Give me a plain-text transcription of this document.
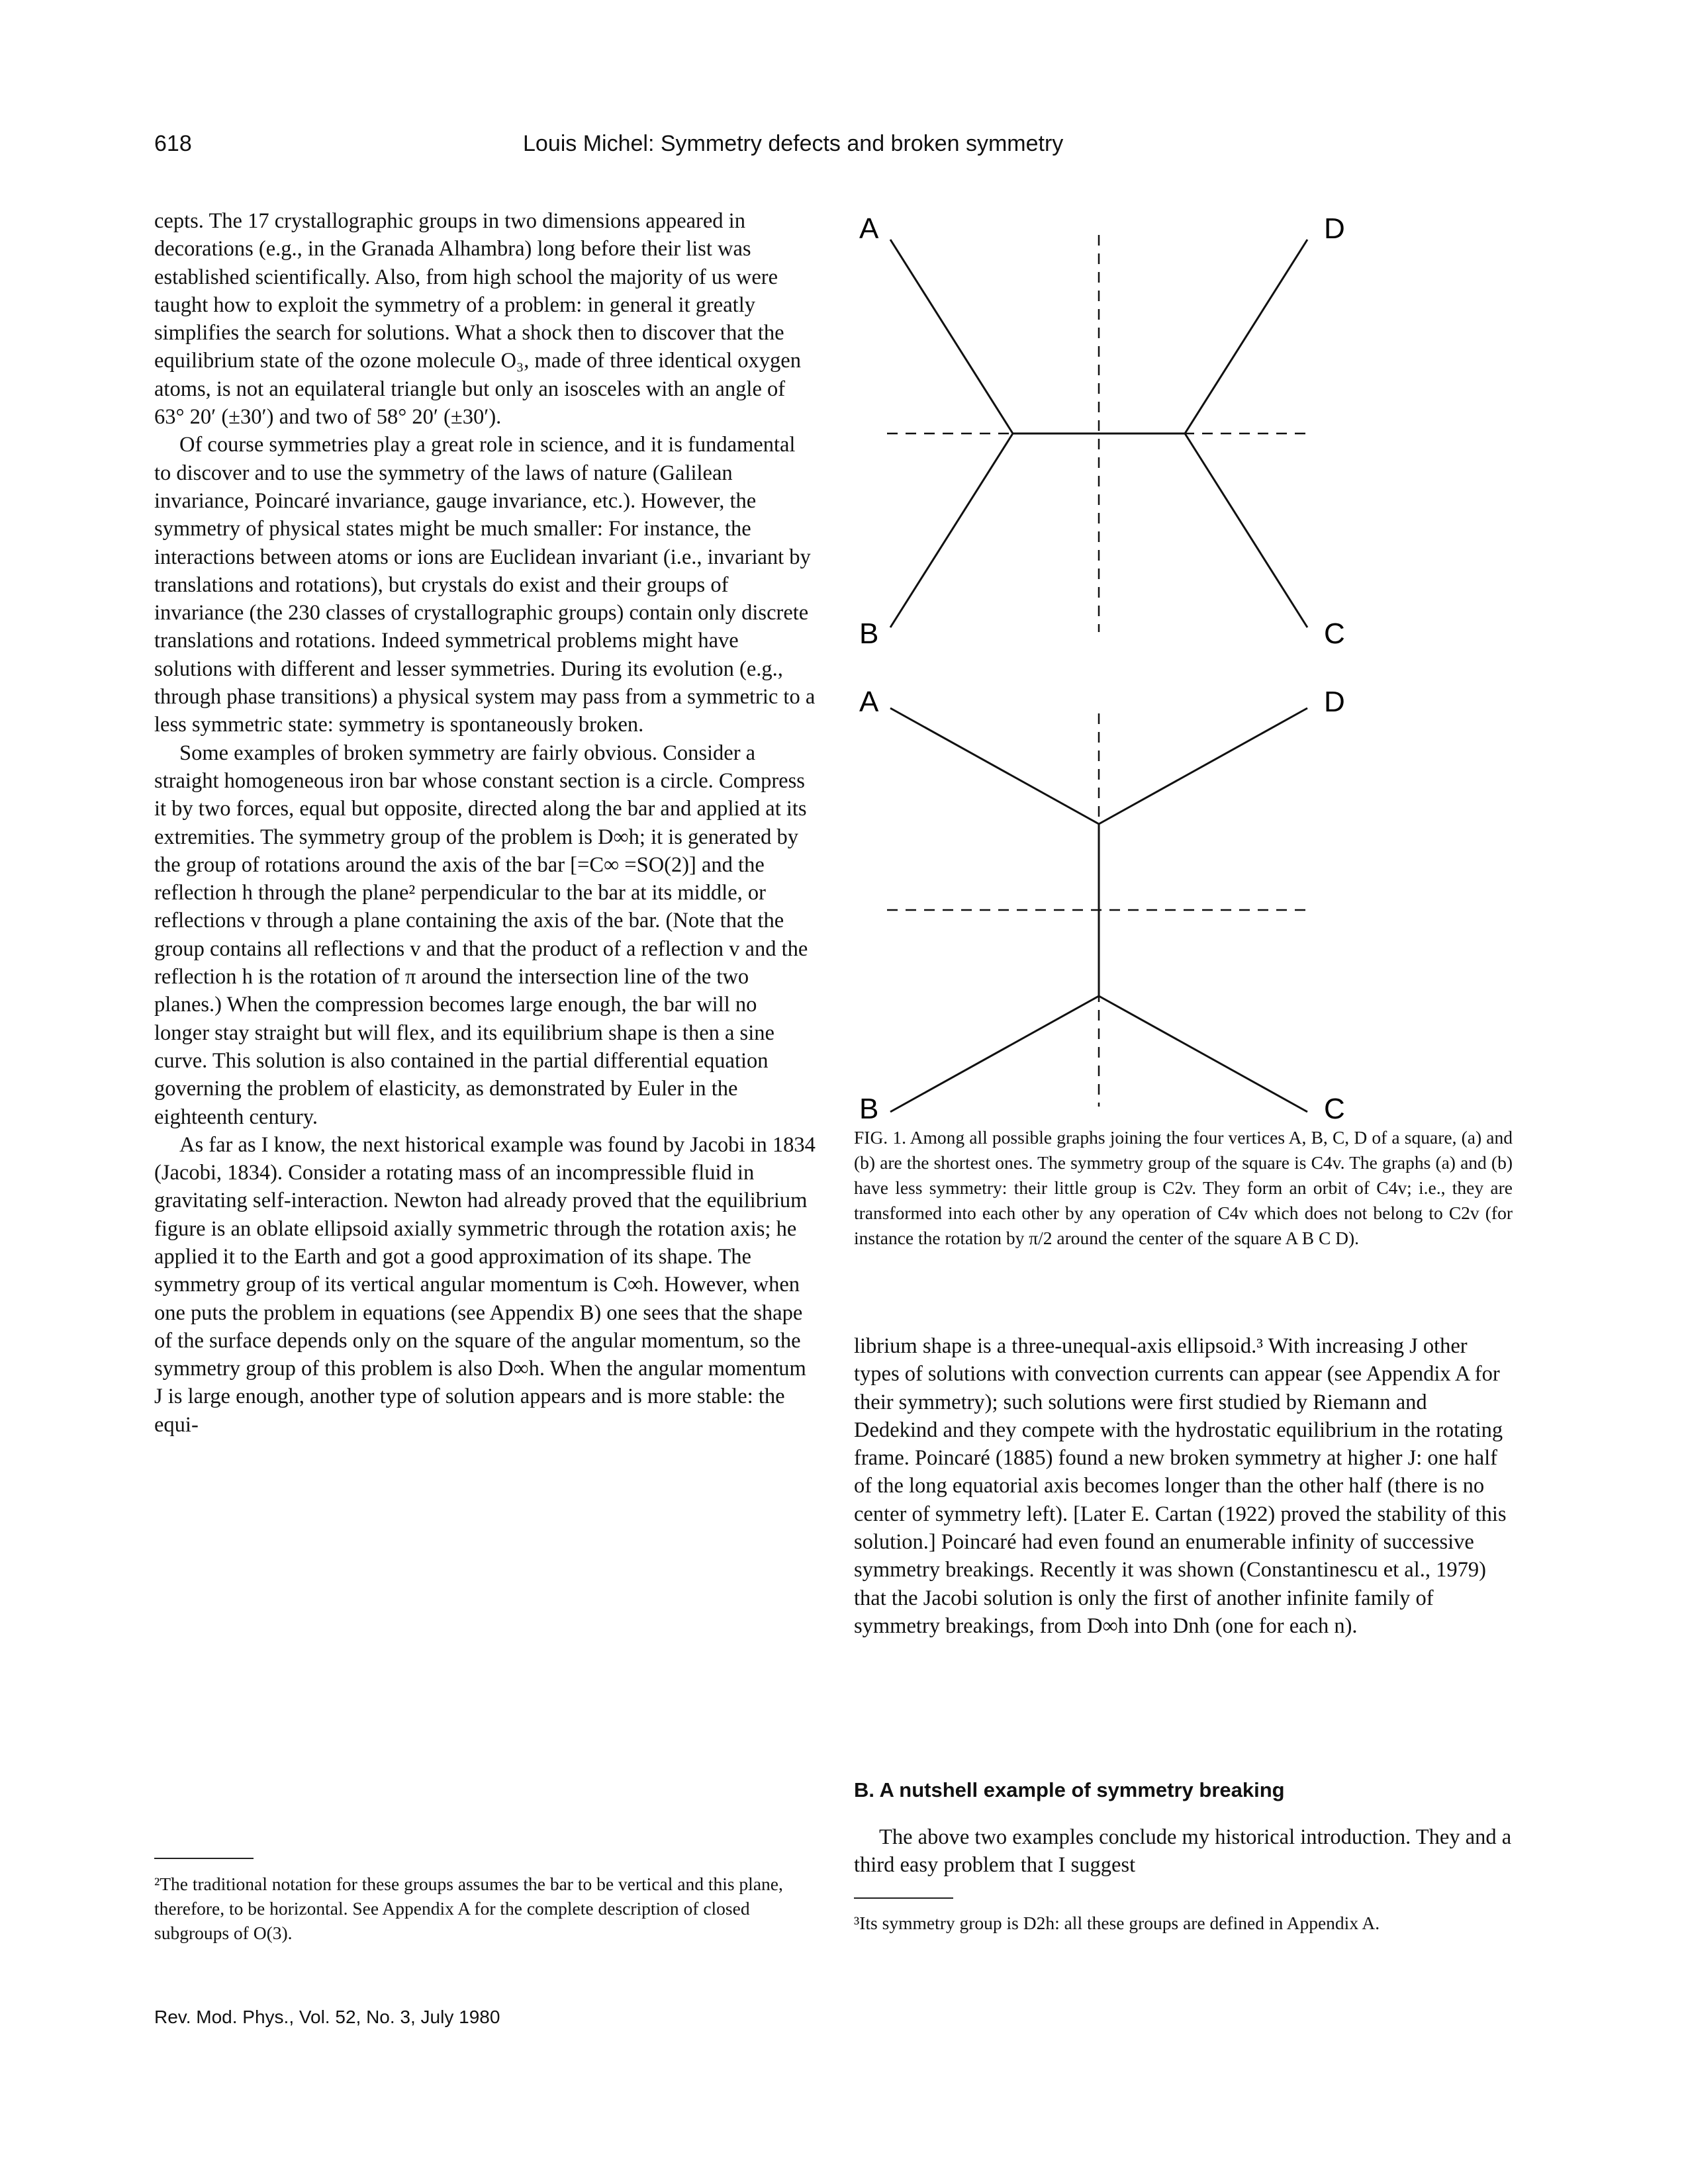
618	Louis Michel: Symmetry defects and broken symmetry

cepts. The 17 crystallographic groups in two dimensions appeared in decorations (e.g., in the Granada Alhambra) long before their list was established scientifically. Also, from high school the majority of us were taught how to exploit the symmetry of a problem: in general it greatly simplifies the search for solutions. What a shock then to discover that the equilibrium state of the ozone molecule O₃, made of three identical oxygen atoms, is not an equilateral triangle but only an isosceles with an angle of 63° 20′ (±30′) and two of 58° 20′ (±30′).

Of course symmetries play a great role in science, and it is fundamental to discover and to use the symmetry of the laws of nature (Galilean invariance, Poincaré invariance, gauge invariance, etc.). However, the symmetry of physical states might be much smaller: For instance, the interactions between atoms or ions are Euclidean invariant (i.e., invariant by translations and rotations), but crystals do exist and their groups of invariance (the 230 classes of crystallographic groups) contain only discrete translations and rotations. Indeed symmetrical problems might have solutions with different and lesser symmetries. During its evolution (e.g., through phase transitions) a physical system may pass from a symmetric to a less symmetric state: symmetry is spontaneously broken.

Some examples of broken symmetry are fairly obvious. Consider a straight homogeneous iron bar whose constant section is a circle. Compress it by two forces, equal but opposite, directed along the bar and applied at its extremities. The symmetry group of the problem is D∞h; it is generated by the group of rotations around the axis of the bar [=C∞ =SO(2)] and the reflection h through the plane² perpendicular to the bar at its middle, or reflections v through a plane containing the axis of the bar. (Note that the group contains all reflections v and that the product of a reflection v and the reflection h is the rotation of π around the intersection line of the two planes.) When the compression becomes large enough, the bar will no longer stay straight but will flex, and its equilibrium shape is then a sine curve. This solution is also contained in the partial differential equation governing the problem of elasticity, as demonstrated by Euler in the eighteenth century.

As far as I know, the next historical example was found by Jacobi in 1834 (Jacobi, 1834). Consider a rotating mass of an incompressible fluid in gravitating self-interaction. Newton had already proved that the equilibrium figure is an oblate ellipsoid axially symmetric through the rotation axis; he applied it to the Earth and got a good approximation of its shape. The symmetry group of its vertical angular momentum is C∞h. However, when one puts the problem in equations (see Appendix B) one sees that the shape of the surface depends only on the square of the angular momentum, so the symmetry group of this problem is also D∞h. When the angular momentum J is large enough, another type of solution appears and is more stable: the equi-

²The traditional notation for these groups assumes the bar to be vertical and this plane, therefore, to be horizontal. See Appendix A for the complete description of closed subgroups of O(3).
A	D
B	C
A	D
B	C
FIG. 1. Among all possible graphs joining the four vertices A, B, C, D of a square, (a) and (b) are the shortest ones. The symmetry group of the square is C4v. The graphs (a) and (b) have less symmetry: their little group is C2v. They form an orbit of C4v; i.e., they are transformed into each other by any operation of C4v which does not belong to C2v (for instance the rotation by π/2 around the center of the square A B C D).

librium shape is a three-unequal-axis ellipsoid.³ With increasing J other types of solutions with convection currents can appear (see Appendix A for their symmetry); such solutions were first studied by Riemann and Dedekind and they compete with the hydrostatic equilibrium in the rotating frame. Poincaré (1885) found a new broken symmetry at higher J: one half of the long equatorial axis becomes longer than the other half (there is no center of symmetry left). [Later E. Cartan (1922) proved the stability of this solution.] Poincaré had even found an enumerable infinity of successive symmetry breakings. Recently it was shown (Constantinescu et al., 1979) that the Jacobi solution is only the first of another infinite family of symmetry breakings, from D∞h into Dnh (one for each n).

B. A nutshell example of symmetry breaking

The above two examples conclude my historical introduction. They and a third easy problem that I suggest

³Its symmetry group is D2h: all these groups are defined in Appendix A.
Rev. Mod. Phys., Vol. 52, No. 3, July 1980
